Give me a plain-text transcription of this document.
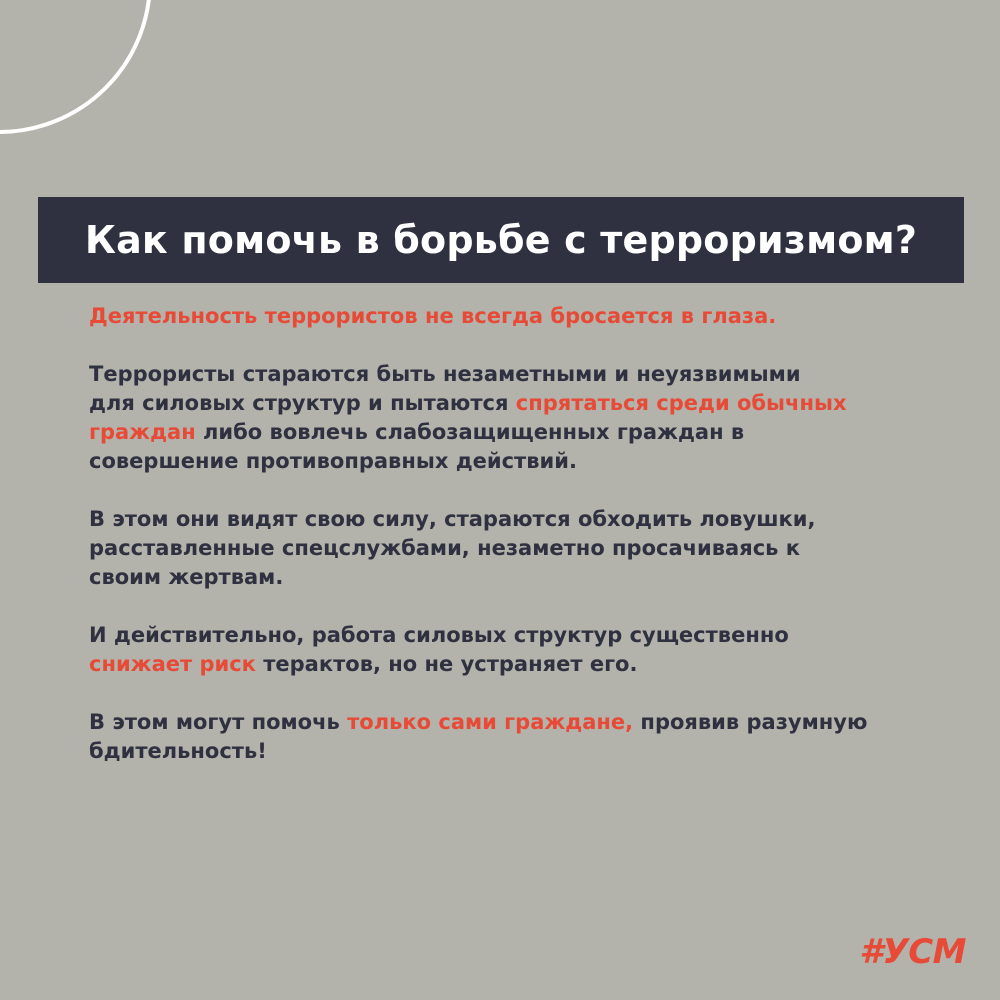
Как помочь в борьбе с терроризмом?

Деятельность террористов не всегда бросается в глаза.

Террористы стараются быть незаметными и неуязвимыми
для силовых структур и пытаются спрятаться среди обычных
граждан либо вовлечь слабозащищенных граждан в
совершение противоправных действий.

В этом они видят свою силу, стараются обходить ловушки,
расставленные спецслужбами, незаметно просачиваясь к
своим жертвам.

И действительно, работа силовых структур существенно
снижает риск терактов, но не устраняет его.

В этом могут помочь только сами граждане, проявив разумную
бдительность!

#УСМ
